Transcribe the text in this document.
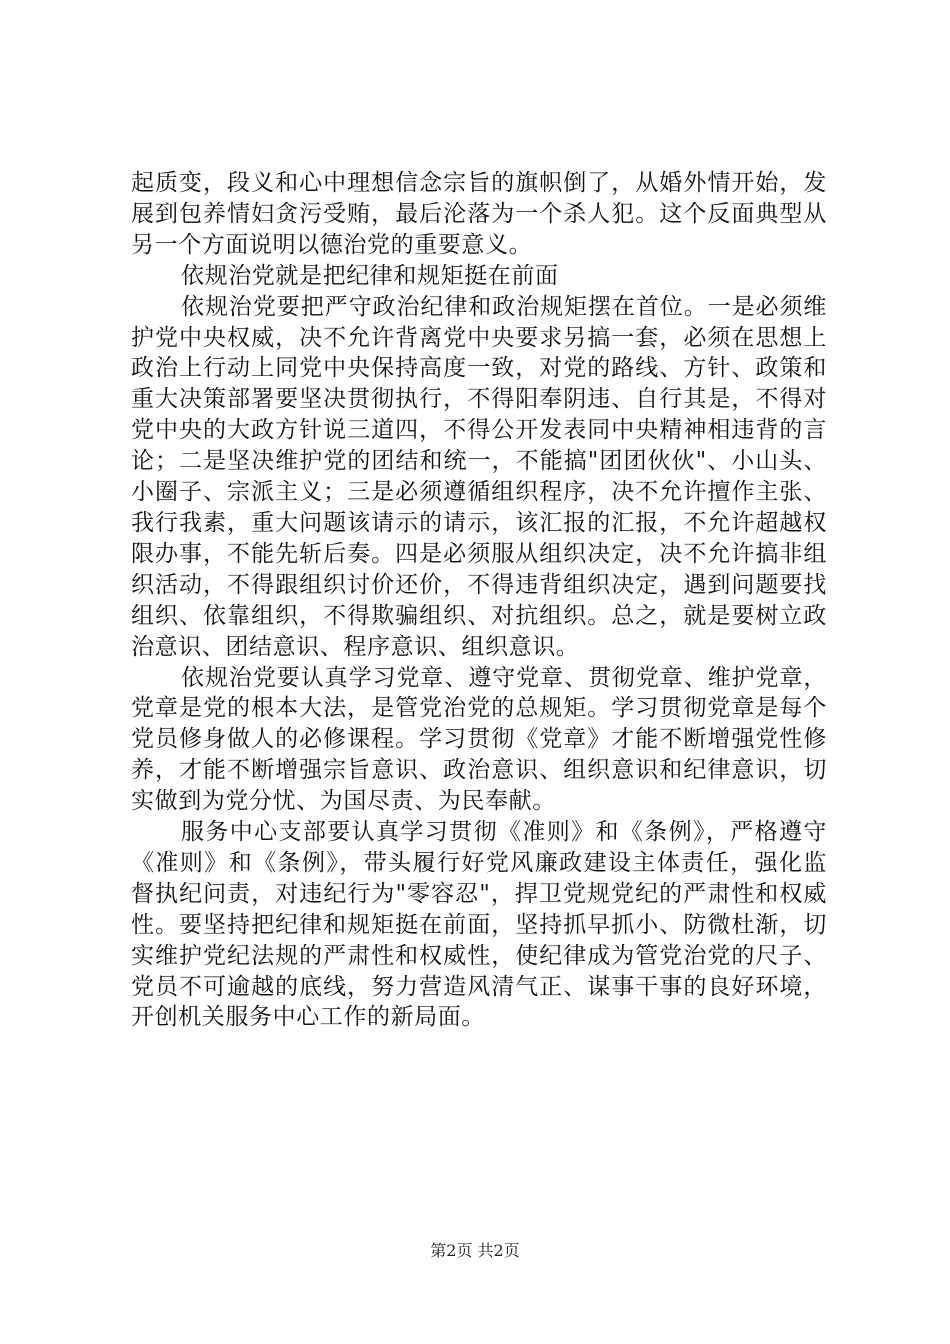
起质变，段义和心中理想信念宗旨的旗帜倒了，从婚外情开始，发展到包养情妇贪污受贿，最后沦落为一个杀人犯。这个反面典型从另一个方面说明以德治党的重要意义。

依规治党就是把纪律和规矩挺在前面

依规治党要把严守政治纪律和政治规矩摆在首位。一是必须维护党中央权威，决不允许背离党中央要求另搞一套，必须在思想上政治上行动上同党中央保持高度一致，对党的路线、方针、政策和重大决策部署要坚决贯彻执行，不得阳奉阴违、自行其是，不得对党中央的大政方针说三道四，不得公开发表同中央精神相违背的言论；二是坚决维护党的团结和统一，不能搞"团团伙伙"、小山头、小圈子、宗派主义；三是必须遵循组织程序，决不允许擅作主张、我行我素，重大问题该请示的请示，该汇报的汇报，不允许超越权限办事，不能先斩后奏。四是必须服从组织决定，决不允许搞非组织活动，不得跟组织讨价还价，不得违背组织决定，遇到问题要找组织、依靠组织，不得欺骗组织、对抗组织。总之，就是要树立政治意识、团结意识、程序意识、组织意识。

依规治党要认真学习党章、遵守党章、贯彻党章、维护党章，党章是党的根本大法，是管党治党的总规矩。学习贯彻党章是每个党员修身做人的必修课程。学习贯彻《党章》才能不断增强党性修养，才能不断增强宗旨意识、政治意识、组织意识和纪律意识，切实做到为党分忧、为国尽责、为民奉献。

服务中心支部要认真学习贯彻《准则》和《条例》，严格遵守《准则》和《条例》，带头履行好党风廉政建设主体责任，强化监督执纪问责，对违纪行为"零容忍"，捍卫党规党纪的严肃性和权威性。要坚持把纪律和规矩挺在前面，坚持抓早抓小、防微杜渐，切实维护党纪法规的严肃性和权威性，使纪律成为管党治党的尺子、党员不可逾越的底线，努力营造风清气正、谋事干事的良好环境，开创机关服务中心工作的新局面。

第2页 共2页
